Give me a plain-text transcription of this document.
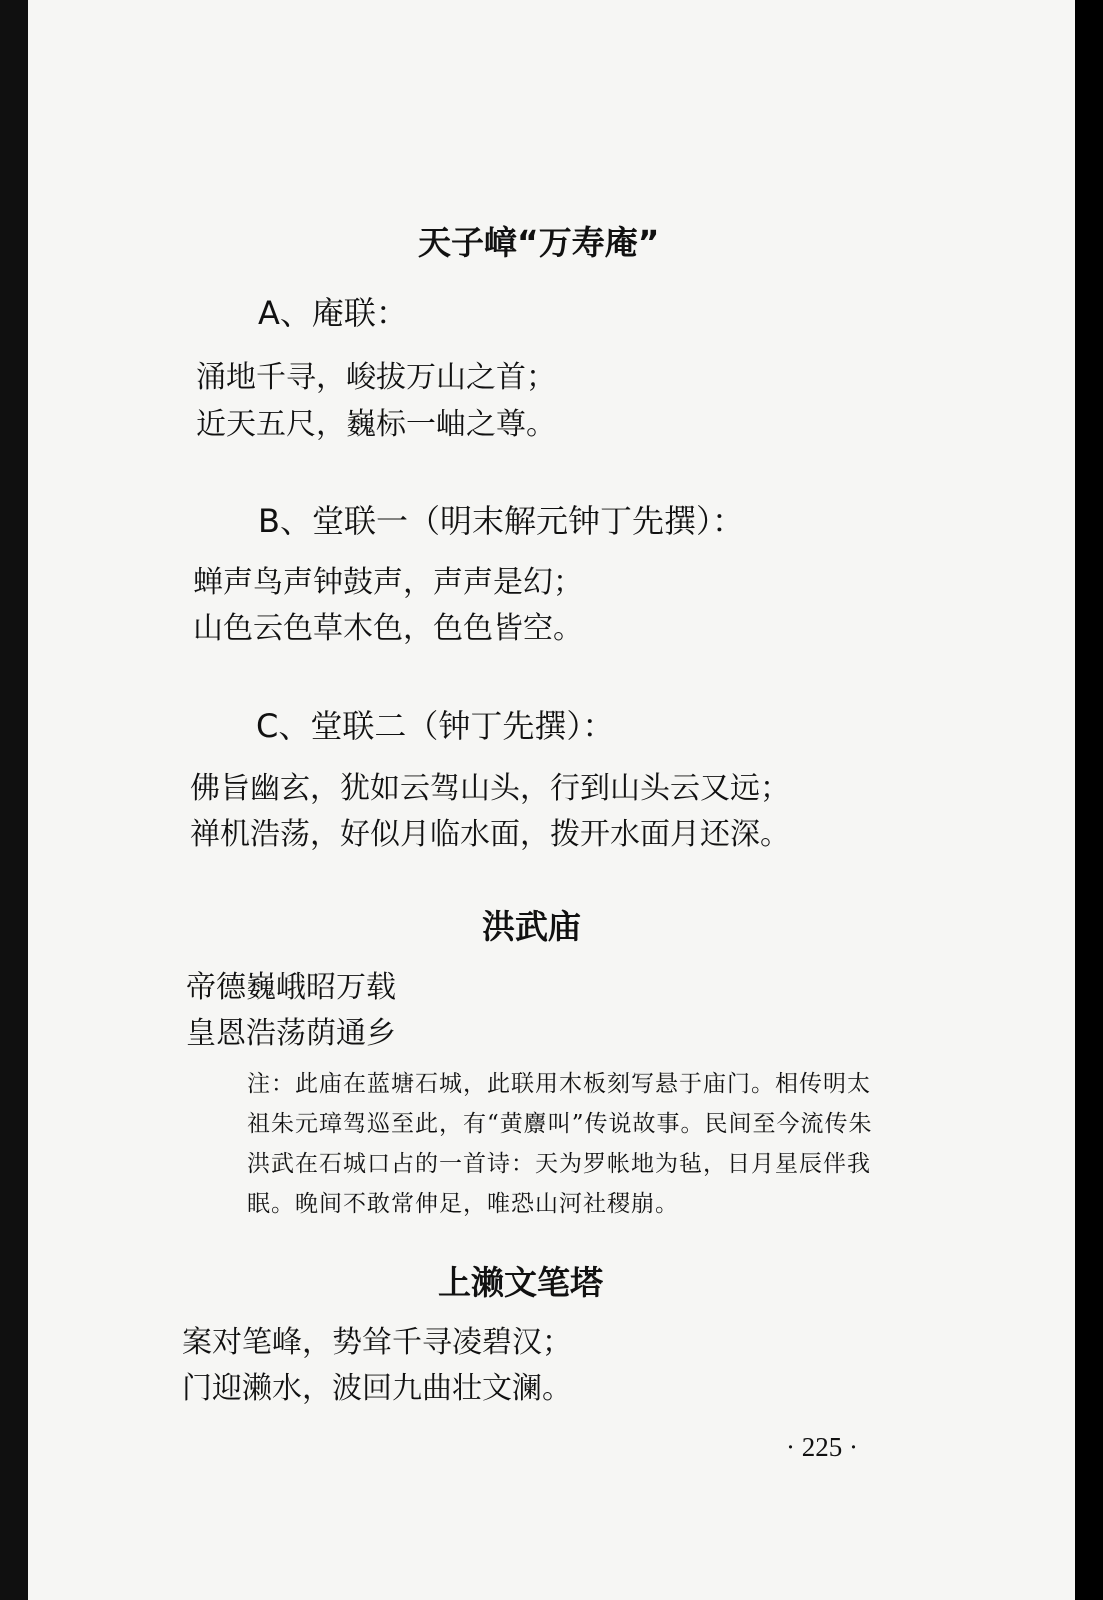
天子嶂“万寿庵”
A、庵联：
涌地千寻，峻拔万山之首；
近天五尺，巍标一岫之尊。
B、堂联一（明末解元钟丁先撰）：
蝉声鸟声钟鼓声，声声是幻；
山色云色草木色，色色皆空。
C、堂联二（钟丁先撰）：
佛旨幽玄，犹如云驾山头，行到山头云又远；
禅机浩荡，好似月临水面，拨开水面月还深。
洪武庙
帝德巍峨昭万载
皇恩浩荡荫通乡
注：此庙在蓝塘石城，此联用木板刻写悬于庙门。相传明太
祖朱元璋驾巡至此，有“黄麖叫”传说故事。民间至今流传朱
洪武在石城口占的一首诗：天为罗帐地为毡，日月星辰伴我
眠。晚间不敢常伸足，唯恐山河社稷崩。
上濑文笔塔
案对笔峰，势耸千寻凌碧汉；
门迎濑水，波回九曲壮文澜。
· 225 ·
